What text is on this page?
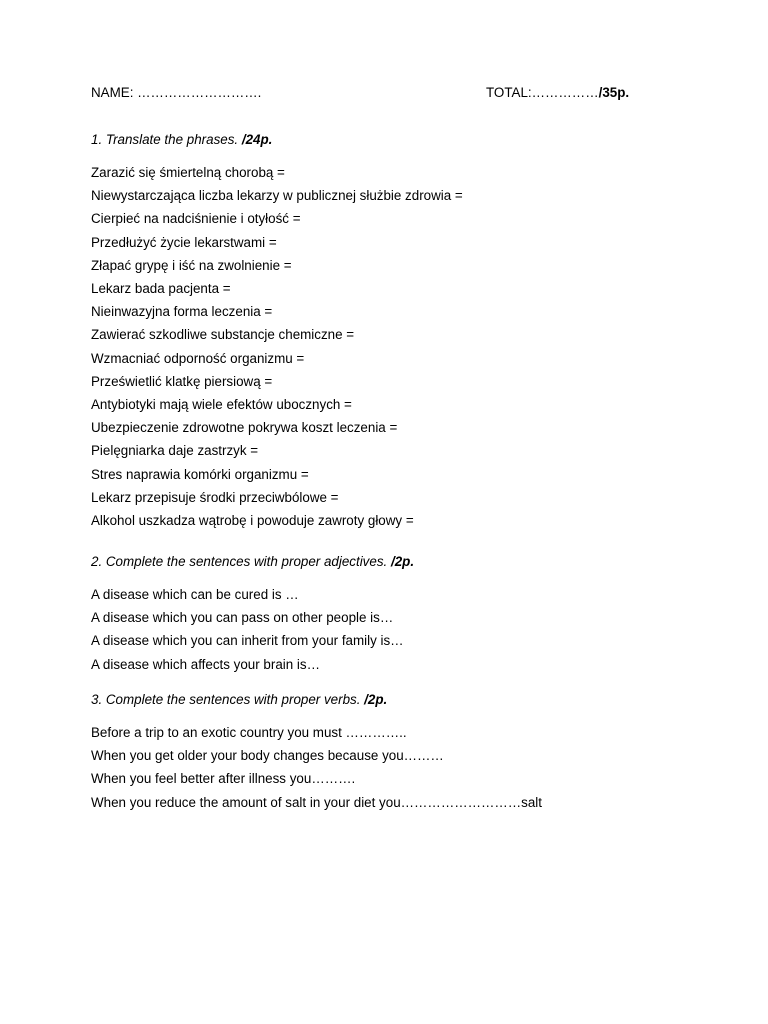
NAME: ……………………….	TOTAL:……………/35p.
1. Translate the phrases. /24p.
Zarazić się śmiertelną chorobą =
Niewystarczająca liczba lekarzy w publicznej służbie zdrowia =
Cierpieć na nadciśnienie i otyłość =
Przedłużyć życie lekarstwami =
Złapać grypę i iść na zwolnienie =
Lekarz bada pacjenta =
Nieinwazyjna forma leczenia =
Zawierać szkodliwe substancje chemiczne =
Wzmacniać odporność organizmu =
Prześwietlić klatkę piersiową =
Antybiotyki mają wiele efektów ubocznych =
Ubezpieczenie zdrowotne pokrywa koszt leczenia =
Pielęgniarka daje zastrzyk =
Stres naprawia komórki organizmu =
Lekarz przepisuje środki przeciwbólowe =
Alkohol uszkadza wątrobę i powoduje zawroty głowy =
2. Complete the sentences with proper adjectives. /2p.
A disease which can be cured is …
A disease which you can pass on other people is…
A disease which you can inherit from your family is…
A disease which affects your brain is…
3. Complete the sentences with proper verbs. /2p.
Before a trip to an exotic country you must …………..
When you get older your body changes because you………
When you feel better after illness you……….
When you reduce the amount of salt in your diet you………………………salt
